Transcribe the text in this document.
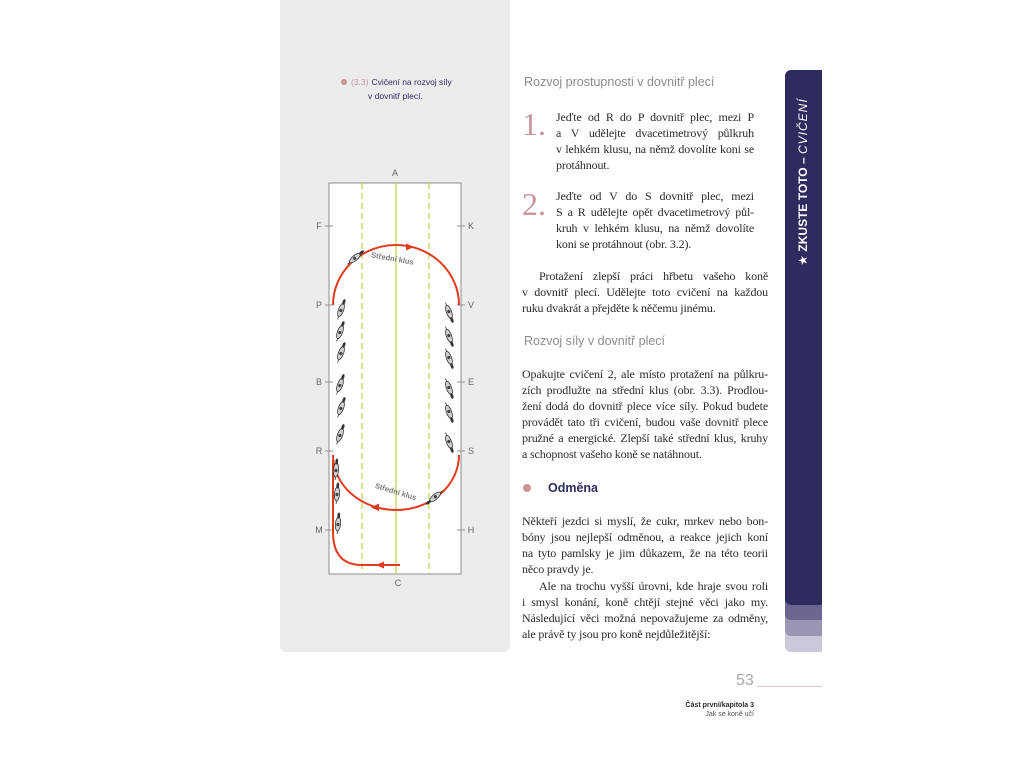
(3.3) Cvičení na rozvoj síly
v dovnitř plecí.
Střední klus
Střední klus
A
C
F
P
B
R
M
K
V
E
S
H
Rozvoj prostupnosti v dovnitř plecí
1. Jeďte od R do P dovnitř plec, mezi P
a V udělejte dvacetimetrový půlkruh
v lehkém klusu, na němž dovolíte koni se
protáhnout.
2. Jeďte od V do S dovnitř plec, mezi
S a R udělejte opět dvacetimetrový půl-
kruh v lehkém klusu, na němž dovolíte
koni se protáhnout (obr. 3.2).
Protažení zlepší práci hřbetu vašeho koně
v dovnitř plecí. Udělejte toto cvičení na každou
ruku dvakrát a přejděte k něčemu jinému.
Rozvoj síly v dovnitř plecí
Opakujte cvičení 2, ale místo protažení na půlkru-
zích prodlužte na střední klus (obr. 3.3). Prodlou-
žení dodá do dovnitř plece více síly. Pokud budete
provádět tato tři cvičení, budou vaše dovnitř plece
pružné a energické. Zlepší také střední klus, kruhy
a schopnost vašeho koně se natáhnout.
Odměna
Někteří jezdci si myslí, že cukr, mrkev nebo bon-
bóny jsou nejlepší odměnou, a reakce jejich koní
na tyto pamlsky je jim důkazem, že na této teorii
něco pravdy je.
Ale na trochu vyšší úrovni, kde hraje svou roli
i smysl konání, koně chtějí stejné věci jako my.
Následující věci možná nepovažujeme za odměny,
ale právě ty jsou pro koně nejdůležitější:
★ ZKUSTE TOTO – CVIČENÍ
53
Část první/kapitola 3
Jak se koně učí
